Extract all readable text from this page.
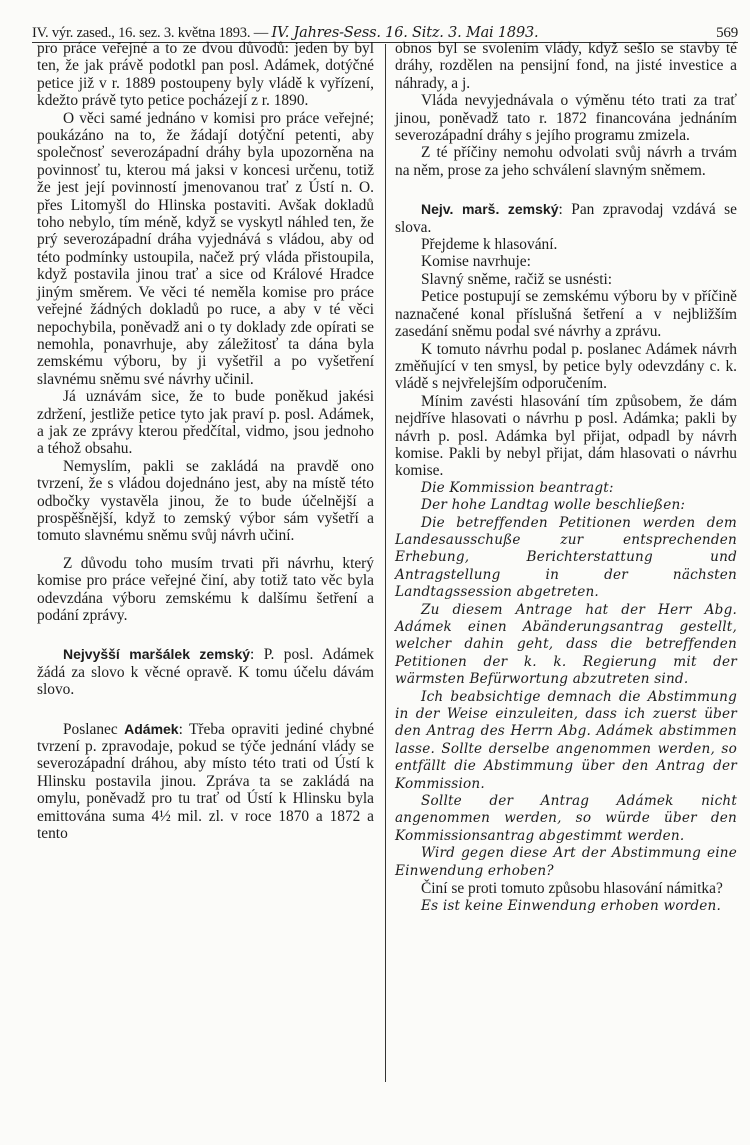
IV. výr. zased., 16. sez. 3. května 1893. — IV. Jahres-Sess. 16. Sitz. 3. Mai 1893.	569

pro práce veřejné a to ze dvou důvodů: jeden by byl ten, že jak právě podotkl pan posl. Adámek, dotýčné petice již v r. 1889 postoupeny byly vládě k vyřízení, kdežto právě tyto petice pocházejí z r. 1890.

O věci samé jednáno v komisi pro práce veřejné; poukázáno na to, že žádají dotýční petenti, aby společnosť severozápadní dráhy byla upozorněna na povinnosť tu, kterou má jaksi v koncesi určenu, totiž že jest její povinností jmenovanou trať z Ústí n. O. přes Litomyšl do Hlinska postaviti. Avšak dokladů toho nebylo, tím méně, když se vyskytl náhled ten, že prý severozápadní dráha vyjednává s vládou, aby od této podmínky ustoupila, načež prý vláda přistoupila, když postavila jinou trať a sice od Králové Hradce jiným směrem. Ve věci té neměla komise pro práce veřejné žádných dokladů po ruce, a aby v té věci nepochybila, poněvadž ani o ty doklady zde opírati se nemohla, ponavrhuje, aby záležitosť ta dána byla zemskému výboru, by ji vyšetřil a po vyšetření slavnému sněmu své návrhy učinil.

Já uznávám sice, že to bude poněkud jakési zdržení, jestliže petice tyto jak praví p. posl. Adámek, a jak ze zprávy kterou předčítal, vidmo, jsou jednoho a téhož obsahu.

Nemyslím, pakli se zakládá na pravdě ono tvrzení, že s vládou dojednáno jest, aby na místě této odbočky vystavěla jinou, že to bude účelnější a prospěšnější, když to zemský výbor sám vyšetří a tomuto slavnému sněmu svůj návrh učiní.

Z důvodu toho musím trvati při návrhu, který komise pro práce veřejné činí, aby totiž tato věc byla odevzdána výboru zemskému k dalšímu šetření a podání zprávy.

Nejvyšší maršálek zemský: P. posl. Adámek žádá za slovo k věcné opravě. K tomu účelu dávám slovo.

Poslanec Adámek: Třeba opraviti jediné chybné tvrzení p. zpravodaje, pokud se týče jednání vlády se severozápadní dráhou, aby místo této trati od Ústí k Hlinsku postavila jinou. Zpráva ta se zakládá na omylu, poněvadž pro tu trať od Ústí k Hlinsku byla emittována suma 4½ mil. zl. v roce 1870 a 1872 a tento

obnos byl se svolením vlády, když sešlo se stavby té dráhy, rozdělen na pensijní fond, na jisté investice a náhrady, a j.

Vláda nevyjednávala o výměnu této trati za trať jinou, poněvadž tato r. 1872 financována jednáním severozápadní dráhy s jejího programu zmizela.

Z té příčiny nemohu odvolati svůj návrh a trvám na něm, prose za jeho schválení slavným sněmem.

Nejv. marš. zemský: Pan zpravodaj vzdává se slova.

Přejdeme k hlasování.

Komise navrhuje:

Slavný sněme, račiž se usnésti:

Petice postupují se zemskému výboru by v příčině naznačené konal příslušná šetření a v nejbližším zasedání sněmu podal své návrhy a zprávu.

K tomuto návrhu podal p. poslanec Adámek návrh změňující v ten smysl, by petice byly odevzdány c. k. vládě s nejvřelejším odporučením.

Mínim zavésti hlasování tím způsobem, že dám nejdříve hlasovati o návrhu p posl. Adámka; pakli by návrh p. posl. Adámka byl přijat, odpadl by návrh komise. Pakli by nebyl přijat, dám hlasovati o návrhu komise.

Die Kommission beantragt:

Der hohe Landtag wolle beschließen:

Die betreffenden Petitionen werden dem Landesausschuße zur entsprechenden Erhebung, Berichterstattung und Antragstellung in der nächsten Landtagssession abgetreten.

Zu diesem Antrage hat der Herr Abg. Adámek einen Abänderungsantrag gestellt, welcher dahin geht, dass die betreffenden Petitionen der k. k. Regierung mit der wärmsten Befürwortung abzutreten sind.

Ich beabsichtige demnach die Abstimmung in der Weise einzuleiten, dass ich zuerst über den Antrag des Herrn Abg. Adámek abstimmen lasse. Sollte derselbe angenommen werden, so entfällt die Abstimmung über den Antrag der Kommission.

Sollte der Antrag Adámek nicht angenommen werden, so würde über den Kommissionsantrag abgestimmt werden.

Wird gegen diese Art der Abstimmung eine Einwendung erhoben?

Činí se proti tomuto způsobu hlasování námitka?

Es ist keine Einwendung erhoben worden.
